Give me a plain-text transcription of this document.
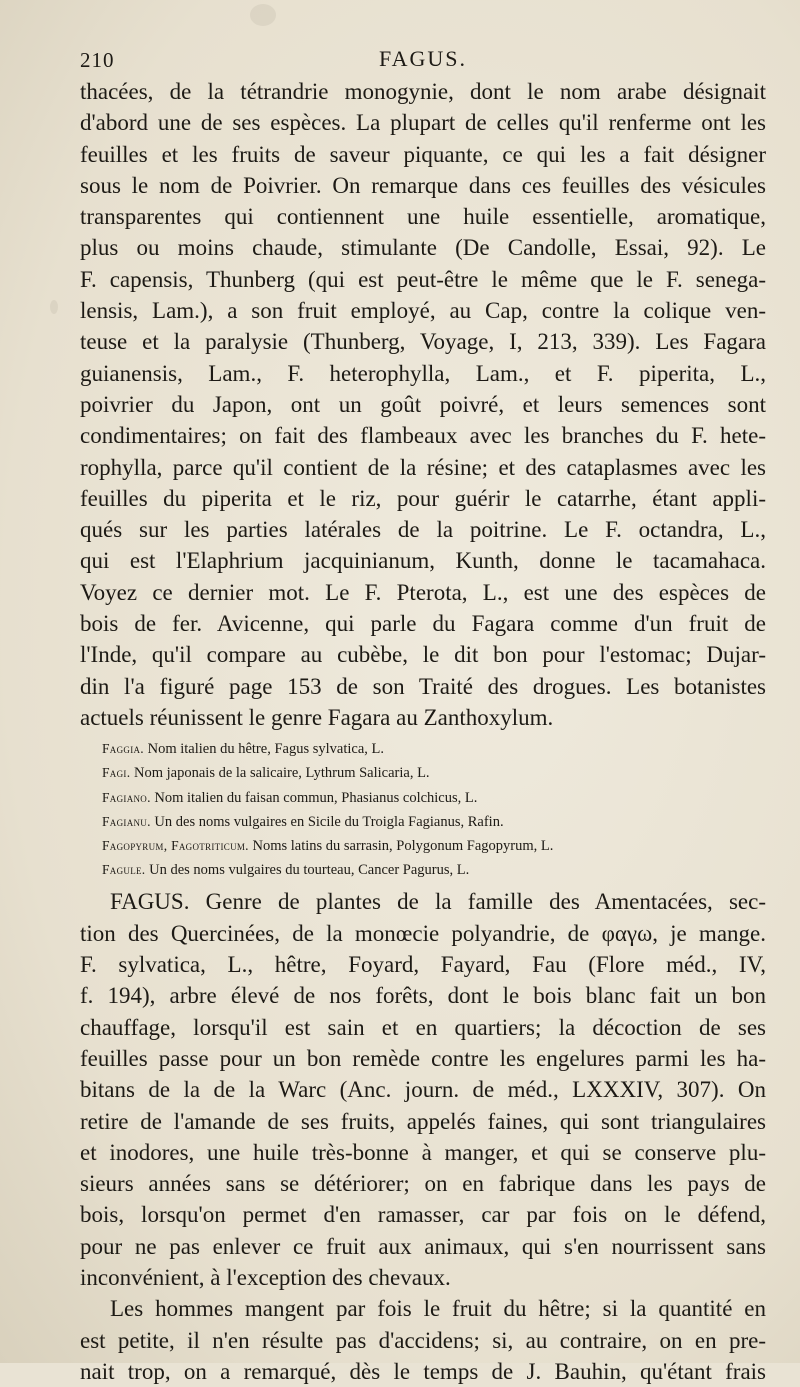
210	FAGUS.
thacées, de la tétrandrie monogynie, dont le nom arabe désignait
d'abord une de ses espèces. La plupart de celles qu'il renferme ont les
feuilles et les fruits de saveur piquante, ce qui les a fait désigner
sous le nom de Poivrier. On remarque dans ces feuilles des vésicules
transparentes qui contiennent une huile essentielle, aromatique,
plus ou moins chaude, stimulante (De Candolle, Essai, 92). Le
F. capensis, Thunberg (qui est peut-être le même que le F. senega-
lensis, Lam.), a son fruit employé, au Cap, contre la colique ven-
teuse et la paralysie (Thunberg, Voyage, I, 213, 339). Les Fagara
guianensis, Lam., F. heterophylla, Lam., et F. piperita, L.,
poivrier du Japon, ont un goût poivré, et leurs semences sont
condimentaires; on fait des flambeaux avec les branches du F. hete-
rophylla, parce qu'il contient de la résine; et des cataplasmes avec les
feuilles du piperita et le riz, pour guérir le catarrhe, étant appli-
qués sur les parties latérales de la poitrine. Le F. octandra, L.,
qui est l'Elaphrium jacquinianum, Kunth, donne le tacamahaca.
Voyez ce dernier mot. Le F. Pterota, L., est une des espèces de
bois de fer. Avicenne, qui parle du Fagara comme d'un fruit de
l'Inde, qu'il compare au cubèbe, le dit bon pour l'estomac; Dujar-
din l'a figuré page 153 de son Traité des drogues. Les botanistes
actuels réunissent le genre Fagara au Zanthoxylum.
Faggia. Nom italien du hêtre, Fagus sylvatica, L.
Fagi. Nom japonais de la salicaire, Lythrum Salicaria, L.
Fagiano. Nom italien du faisan commun, Phasianus colchicus, L.
Fagianu. Un des noms vulgaires en Sicile du Troigla Fagianus, Rafin.
Fagopyrum, Fagotriticum. Noms latins du sarrasin, Polygonum Fagopyrum, L.
Fagule. Un des noms vulgaires du tourteau, Cancer Pagurus, L.
FAGUS. Genre de plantes de la famille des Amentacées, sec-
tion des Quercinées, de la monœcie polyandrie, de φαγω, je mange.
F. sylvatica, L., hêtre, Foyard, Fayard, Fau (Flore méd., IV,
f. 194), arbre élevé de nos forêts, dont le bois blanc fait un bon
chauffage, lorsqu'il est sain et en quartiers; la décoction de ses
feuilles passe pour un bon remède contre les engelures parmi les ha-
bitans de la de la Warc (Anc. journ. de méd., LXXXIV, 307). On
retire de l'amande de ses fruits, appelés faines, qui sont triangulaires
et inodores, une huile très-bonne à manger, et qui se conserve plu-
sieurs années sans se détériorer; on en fabrique dans les pays de
bois, lorsqu'on permet d'en ramasser, car par fois on le défend,
pour ne pas enlever ce fruit aux animaux, qui s'en nourrissent sans
inconvénient, à l'exception des chevaux.
Les hommes mangent par fois le fruit du hêtre; si la quantité en
est petite, il n'en résulte pas d'accidens; si, au contraire, on en pre-
nait trop, on a remarqué, dès le temps de J. Bauhin, qu'étant frais
